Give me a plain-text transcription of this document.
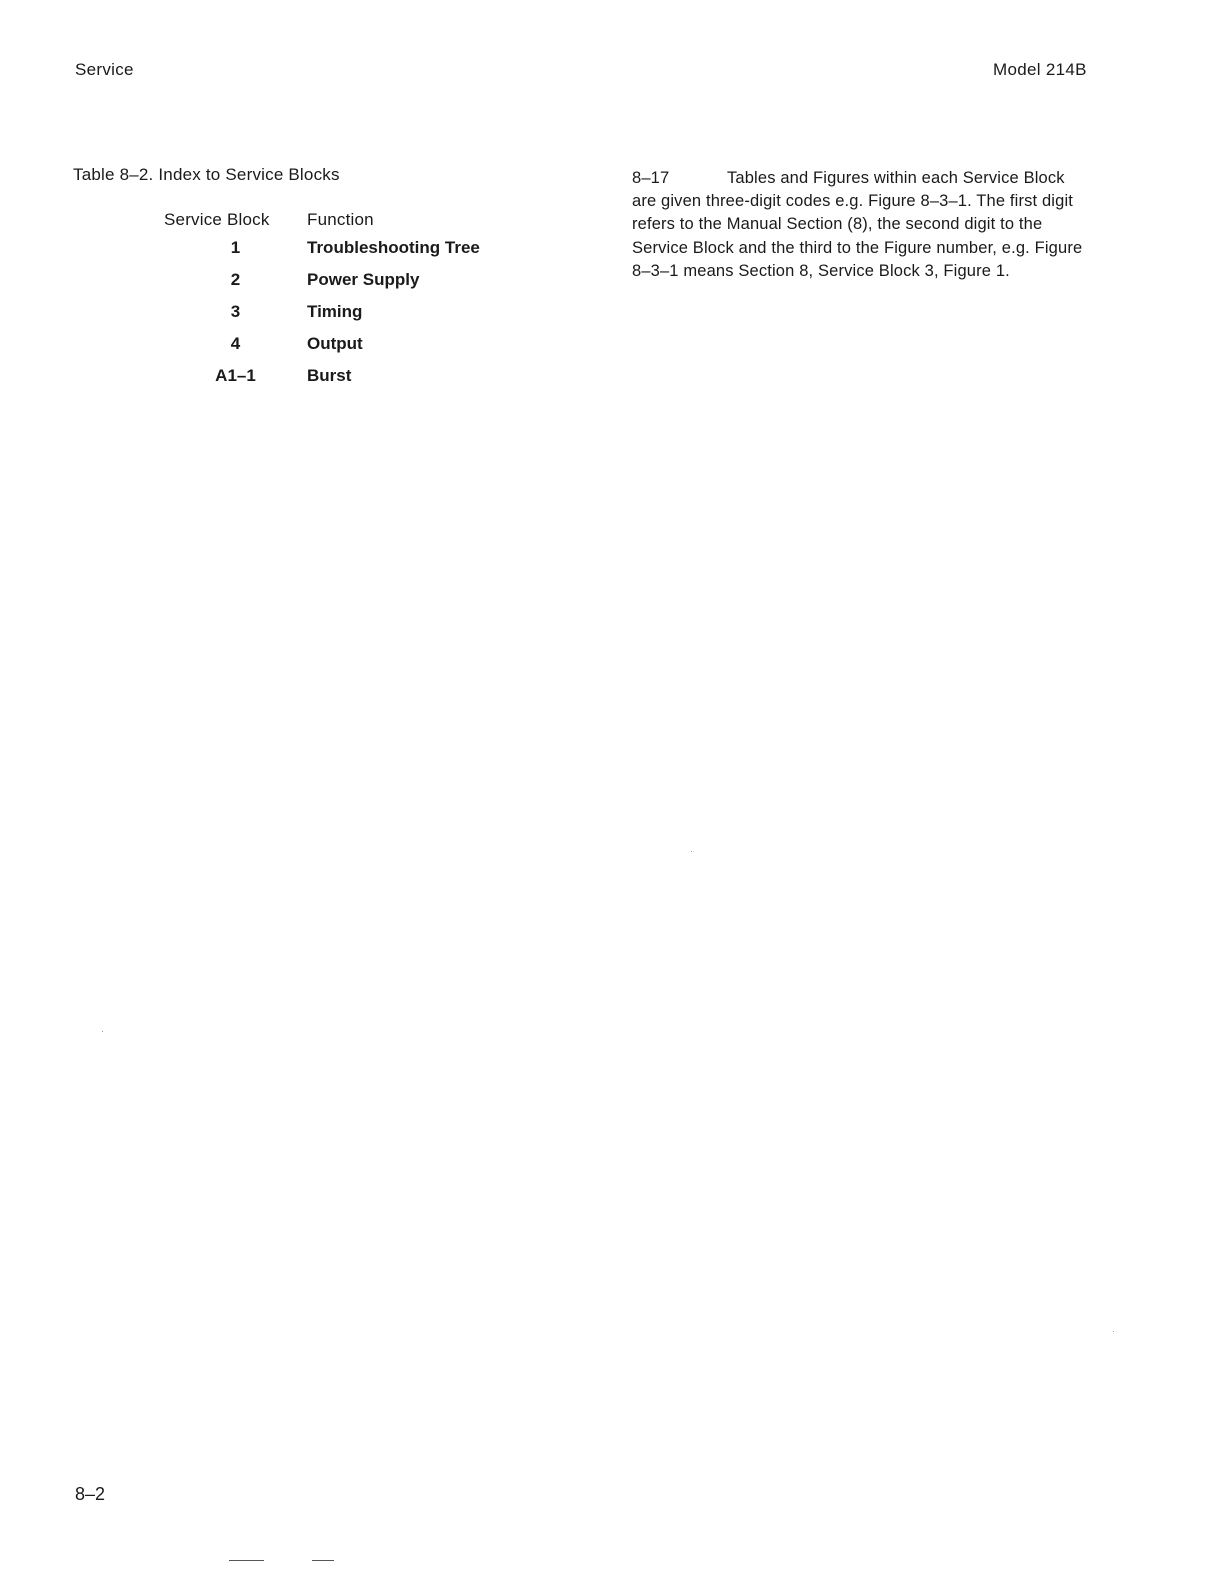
Service	Model 214B
Table 8–2. Index to Service Blocks
Service Block	Function
1	Troubleshooting Tree
2	Power Supply
3	Timing
4	Output
A1–1	Burst
8–17	Tables and Figures within each Service Block are given three-digit codes e.g. Figure 8–3–1. The first digit refers to the Manual Section (8), the second digit to the Service Block and the third to the Figure number, e.g. Figure 8–3–1 means Section 8, Service Block 3, Figure 1.
8–2
